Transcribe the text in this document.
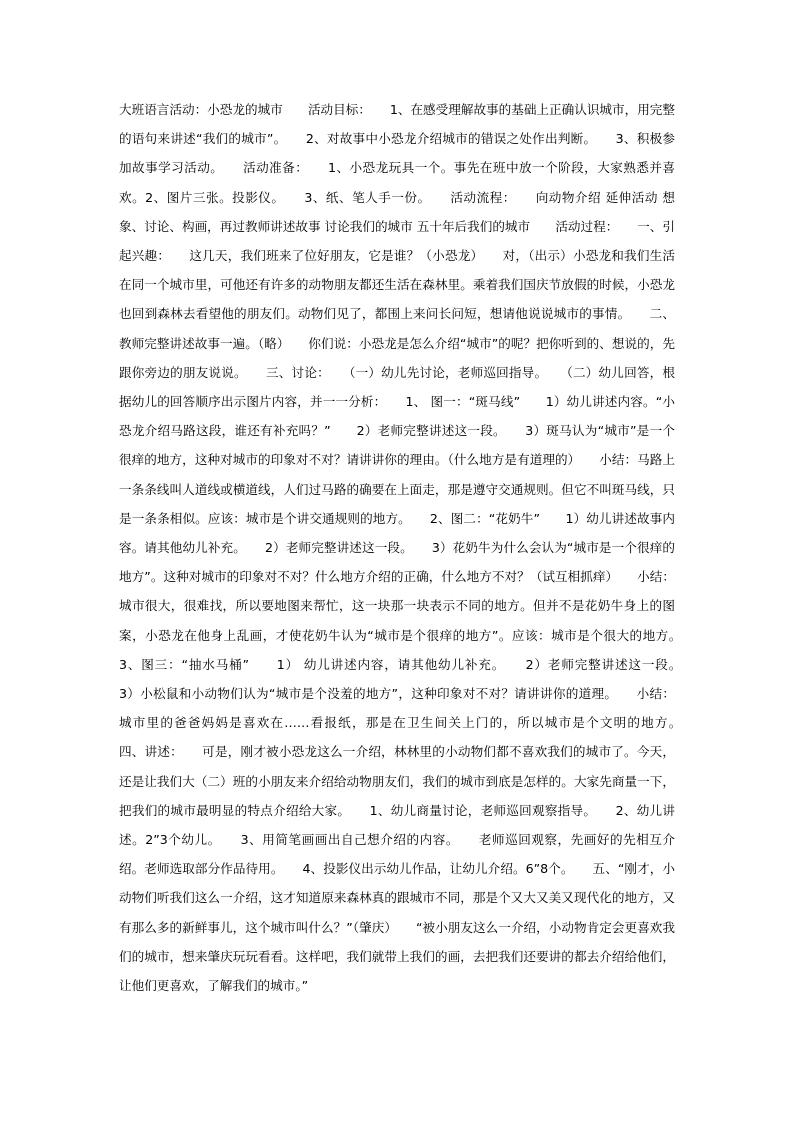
大班语言活动：小恐龙的城市　　活动目标：　　1、在感受理解故事的基础上正确认识城市，用完整的语句来讲述“我们的城市”。　　2、对故事中小恐龙介绍城市的错误之处作出判断。　　3、积极参加故事学习活动。　　活动准备：　　1、小恐龙玩具一个。事先在班中放一个阶段，大家熟悉并喜欢。2、图片三张。投影仪。　　3、纸、笔人手一份。　　活动流程：　　向动物介绍 延伸活动 想象、讨论、构画，再过教师讲述故事 讨论我们的城市 五十年后我们的城市　　活动过程：　　一、引起兴趣：　　这几天，我们班来了位好朋友，它是谁？（小恐龙）　　对，（出示）小恐龙和我们生活在同一个城市里，可他还有许多的动物朋友都还生活在森林里。乘着我们国庆节放假的时候，小恐龙也回到森林去看望他的朋友们。动物们见了，都围上来问长问短，想请他说说城市的事情。　　二、教师完整讲述故事一遍。（略）　　你们说：小恐龙是怎么介绍“城市”的呢？把你听到的、想说的，先跟你旁边的朋友说说。　　三、讨论：　　（一）幼儿先讨论，老师巡回指导。　　（二）幼儿回答，根据幼儿的回答顺序出示图片内容，并一一分析：　　1、 图一：“斑马线”　　1）幼儿讲述内容。“小恐龙介绍马路这段，谁还有补充吗？”　　2）老师完整讲述这一段。　　3）斑马认为“城市”是一个很痒的地方，这种对城市的印象对不对？请讲讲你的理由。（什么地方是有道理的）　　小结：马路上一条条线叫人道线或横道线，人们过马路的确要在上面走，那是遵守交通规则。但它不叫斑马线，只是一条条相似。应该：城市是个讲交通规则的地方。　　2、图二：“花奶牛”　　1）幼儿讲述故事内容。请其他幼儿补充。　　2）老师完整讲述这一段。　　3）花奶牛为什么会认为“城市是一个很痒的地方”。这种对城市的印象对不对？什么地方介绍的正确，什么地方不对？（试互相抓痒）　　小结：城市很大，很难找，所以要地图来帮忙，这一块那一块表示不同的地方。但并不是花奶牛身上的图案，小恐龙在他身上乱画，才使花奶牛认为“城市是个很痒的地方”。应该：城市是个很大的地方。　　3、图三：“抽水马桶”　　1） 幼儿讲述内容，请其他幼儿补充。　　2）老师完整讲述这一段。　　3）小松鼠和小动物们认为“城市是个没羞的地方”，这种印象对不对？请讲讲你的道理。　　小结：城市里的爸爸妈妈是喜欢在……看报纸，那是在卫生间关上门的，所以城市是个文明的地方。　　四、讲述：　　可是，刚才被小恐龙这么一介绍，林林里的小动物们都不喜欢我们的城市了。今天，还是让我们大（二）班的小朋友来介绍给动物朋友们，我们的城市到底是怎样的。大家先商量一下，把我们的城市最明显的特点介绍给大家。　　1、幼儿商量讨论，老师巡回观察指导。　　2、幼儿讲述。2”3个幼儿。　　3、用简笔画画出自己想介绍的内容。　　老师巡回观察，先画好的先相互介绍。老师选取部分作品待用。　　4、投影仪出示幼儿作品，让幼儿介绍。6”8个。　　五、“刚才，小动物们听我们这么一介绍，这才知道原来森林真的跟城市不同，那是个又大又美又现代化的地方，又有那么多的新鲜事儿，这个城市叫什么？”（肇庆）　　“被小朋友这么一介绍，小动物肯定会更喜欢我们的城市，想来肇庆玩玩看看。这样吧，我们就带上我们的画，去把我们还要讲的都去介绍给他们，让他们更喜欢，了解我们的城市。”
